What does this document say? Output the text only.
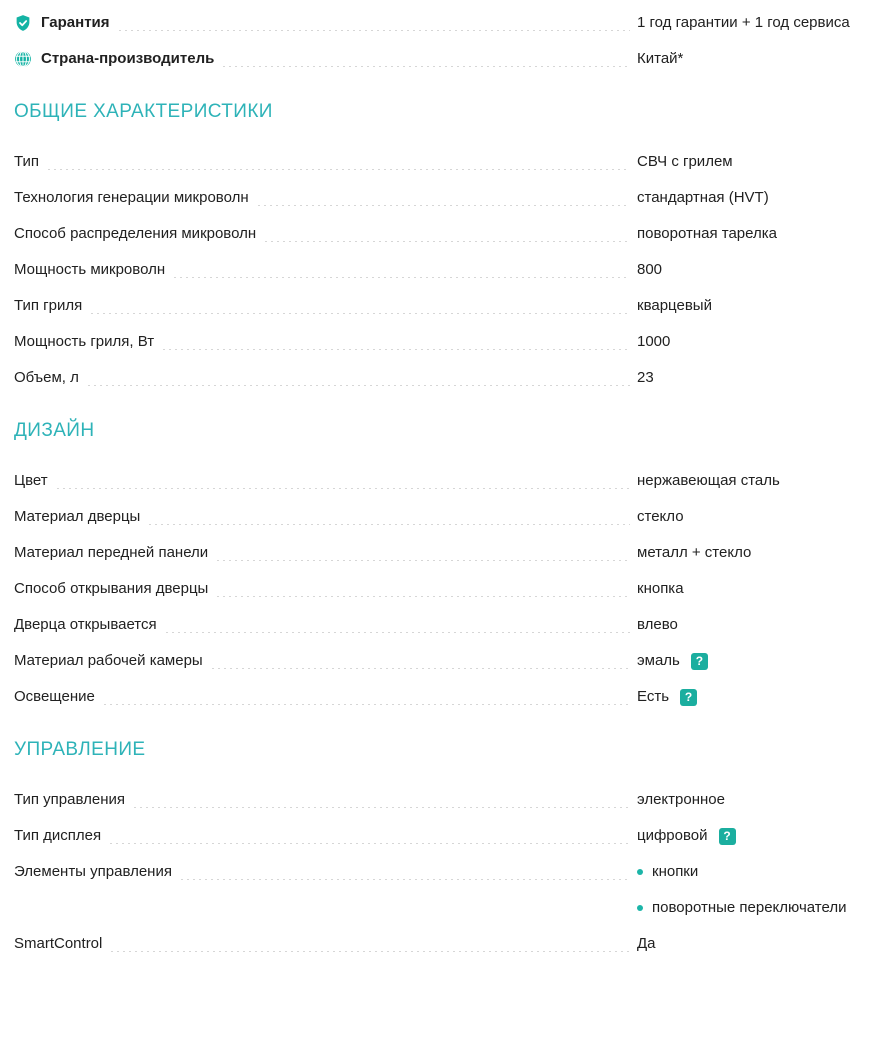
Гарантия	1 год гарантии + 1 год сервиса
Страна-производитель	Китай*
ОБЩИЕ ХАРАКТЕРИСТИКИ
Тип	СВЧ с грилем
Технология генерации микроволн	стандартная (HVT)
Способ распределения микроволн	поворотная тарелка
Мощность микроволн	800
Тип гриля	кварцевый
Мощность гриля, Вт	1000
Объем, л	23
ДИЗАЙН
Цвет	нержавеющая сталь
Материал дверцы	стекло
Материал передней панели	металл + стекло
Способ открывания дверцы	кнопка
Дверца открывается	влево
Материал рабочей камеры	эмаль	?
Освещение	Есть	?
УПРАВЛЕНИЕ
Тип управления	электронное
Тип дисплея	цифровой	?
Элементы управления	кнопки
поворотные переключатели
SmartControl	Да
